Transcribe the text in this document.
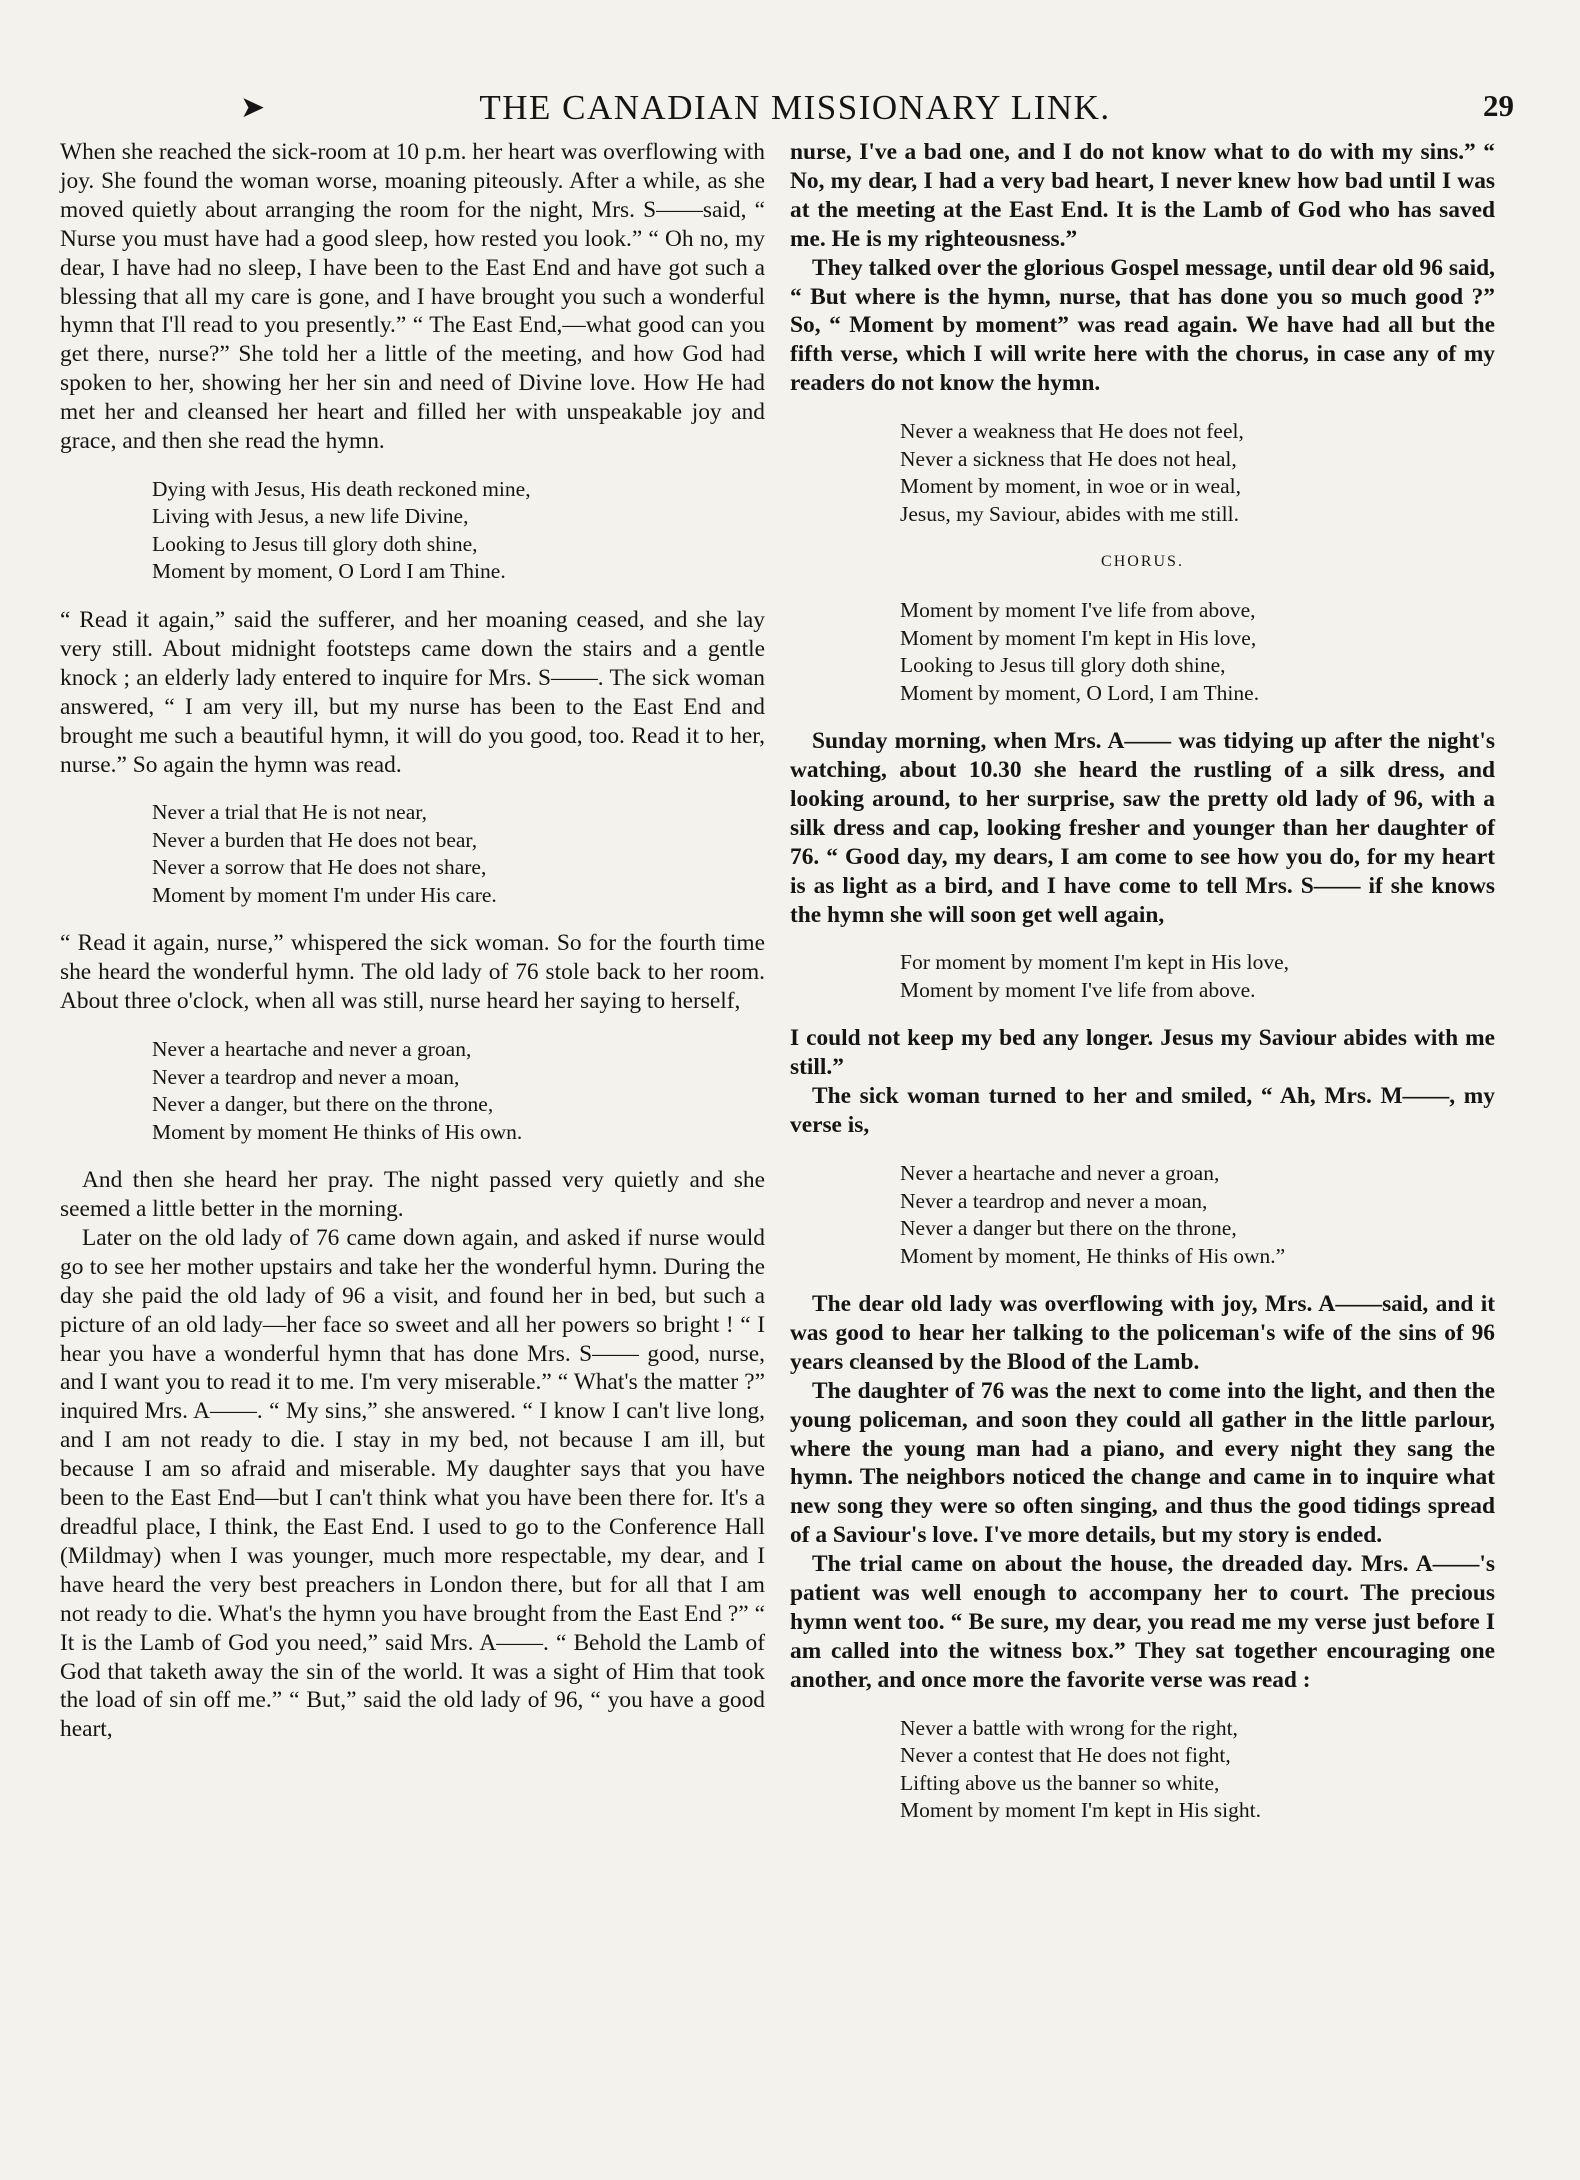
➤	THE CANADIAN MISSIONARY LINK.	29

When she reached the sick-room at 10 p.m. her heart was overflowing with joy. She found the woman worse, moaning piteously. After a while, as she moved quietly about arranging the room for the night, Mrs. S——said, “ Nurse you must have had a good sleep, how rested you look.” “ Oh no, my dear, I have had no sleep, I have been to the East End and have got such a blessing that all my care is gone, and I have brought you such a wonderful hymn that I'll read to you presently.” “ The East End,—what good can you get there, nurse?” She told her a little of the meeting, and how God had spoken to her, showing her her sin and need of Divine love. How He had met her and cleansed her heart and filled her with unspeakable joy and grace, and then she read the hymn.

Dying with Jesus, His death reckoned mine,
Living with Jesus, a new life Divine,
Looking to Jesus till glory doth shine,
Moment by moment, O Lord I am Thine.

“ Read it again,” said the sufferer, and her moaning ceased, and she lay very still. About midnight footsteps came down the stairs and a gentle knock ; an elderly lady entered to inquire for Mrs. S——. The sick woman answered, “ I am very ill, but my nurse has been to the East End and brought me such a beautiful hymn, it will do you good, too. Read it to her, nurse.” So again the hymn was read.

Never a trial that He is not near,
Never a burden that He does not bear,
Never a sorrow that He does not share,
Moment by moment I'm under His care.

“ Read it again, nurse,” whispered the sick woman. So for the fourth time she heard the wonderful hymn. The old lady of 76 stole back to her room. About three o'clock, when all was still, nurse heard her saying to herself,

Never a heartache and never a groan,
Never a teardrop and never a moan,
Never a danger, but there on the throne,
Moment by moment He thinks of His own.

And then she heard her pray. The night passed very quietly and she seemed a little better in the morning.

Later on the old lady of 76 came down again, and asked if nurse would go to see her mother upstairs and take her the wonderful hymn. During the day she paid the old lady of 96 a visit, and found her in bed, but such a picture of an old lady—her face so sweet and all her powers so bright ! “ I hear you have a wonderful hymn that has done Mrs. S—— good, nurse, and I want you to read it to me. I'm very miserable.” “ What's the matter ?” inquired Mrs. A——. “ My sins,” she answered. “ I know I can't live long, and I am not ready to die. I stay in my bed, not because I am ill, but because I am so afraid and miserable. My daughter says that you have been to the East End—but I can't think what you have been there for. It's a dreadful place, I think, the East End. I used to go to the Conference Hall (Mildmay) when I was younger, much more respectable, my dear, and I have heard the very best preachers in London there, but for all that I am not ready to die. What's the hymn you have brought from the East End ?” “ It is the Lamb of God you need,” said Mrs. A——. “ Behold the Lamb of God that taketh away the sin of the world. It was a sight of Him that took the load of sin off me.” “ But,” said the old lady of 96, “ you have a good heart,

nurse, I've a bad one, and I do not know what to do with my sins.” “ No, my dear, I had a very bad heart, I never knew how bad until I was at the meeting at the East End. It is the Lamb of God who has saved me. He is my righteousness.”

They talked over the glorious Gospel message, until dear old 96 said, “ But where is the hymn, nurse, that has done you so much good ?” So, “ Moment by moment” was read again. We have had all but the fifth verse, which I will write here with the chorus, in case any of my readers do not know the hymn.

Never a weakness that He does not feel,
Never a sickness that He does not heal,
Moment by moment, in woe or in weal,
Jesus, my Saviour, abides with me still.
CHORUS.
Moment by moment I've life from above,
Moment by moment I'm kept in His love,
Looking to Jesus till glory doth shine,
Moment by moment, O Lord, I am Thine.

Sunday morning, when Mrs. A—— was tidying up after the night's watching, about 10.30 she heard the rustling of a silk dress, and looking around, to her surprise, saw the pretty old lady of 96, with a silk dress and cap, looking fresher and younger than her daughter of 76. “ Good day, my dears, I am come to see how you do, for my heart is as light as a bird, and I have come to tell Mrs. S—— if she knows the hymn she will soon get well again,

For moment by moment I'm kept in His love,
Moment by moment I've life from above.

I could not keep my bed any longer. Jesus my Saviour abides with me still.”

The sick woman turned to her and smiled, “ Ah, Mrs. M——, my verse is,

Never a heartache and never a groan,
Never a teardrop and never a moan,
Never a danger but there on the throne,
Moment by moment, He thinks of His own.”

The dear old lady was overflowing with joy, Mrs. A——said, and it was good to hear her talking to the policeman's wife of the sins of 96 years cleansed by the Blood of the Lamb.

The daughter of 76 was the next to come into the light, and then the young policeman, and soon they could all gather in the little parlour, where the young man had a piano, and every night they sang the hymn. The neighbors noticed the change and came in to inquire what new song they were so often singing, and thus the good tidings spread of a Saviour's love. I've more details, but my story is ended.

The trial came on about the house, the dreaded day. Mrs. A——'s patient was well enough to accompany her to court. The precious hymn went too. “ Be sure, my dear, you read me my verse just before I am called into the witness box.” They sat together encouraging one another, and once more the favorite verse was read :

Never a battle with wrong for the right,
Never a contest that He does not fight,
Lifting above us the banner so white,
Moment by moment I'm kept in His sight.
